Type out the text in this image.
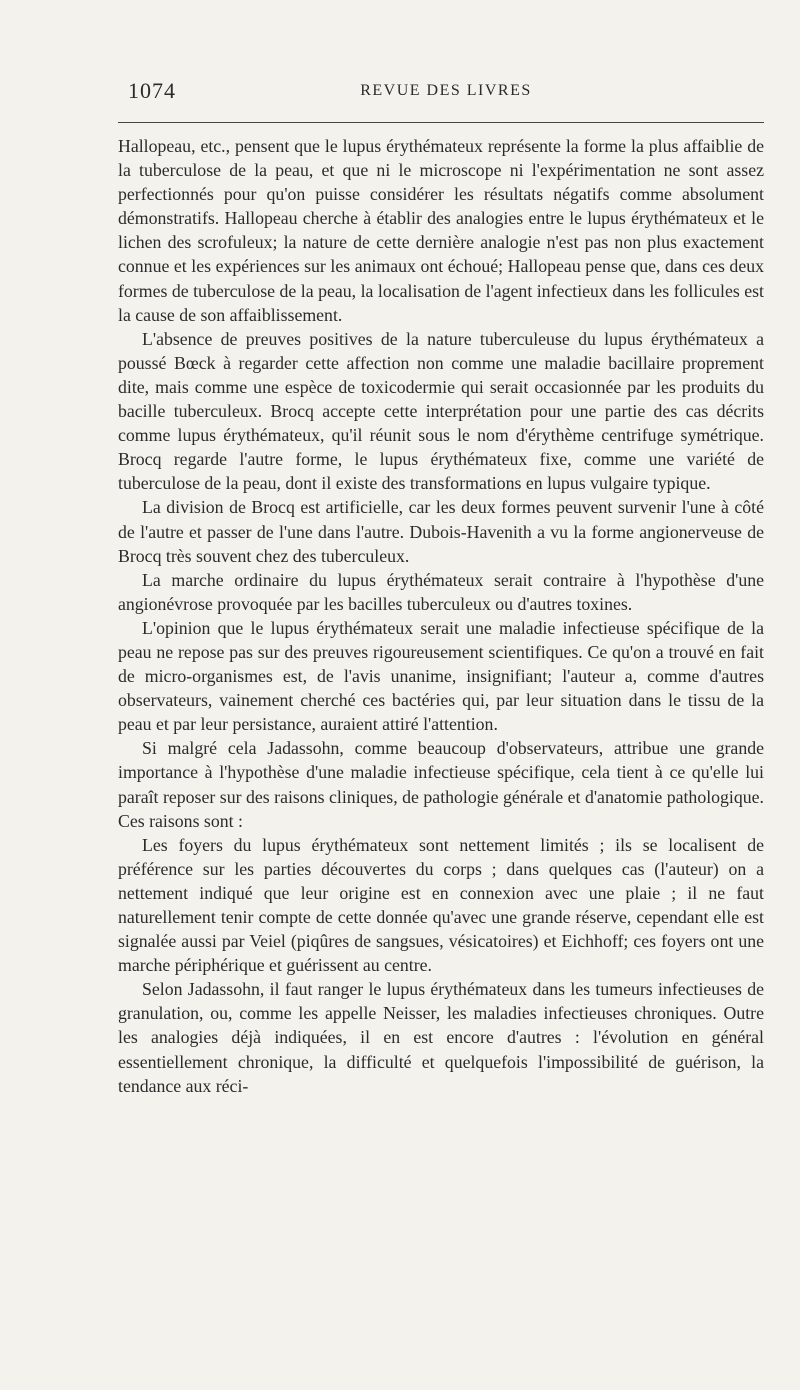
1074	REVUE DES LIVRES

Hallopeau, etc., pensent que le lupus érythémateux représente la forme la plus affaiblie de la tuberculose de la peau, et que ni le microscope ni l'expérimentation ne sont assez perfectionnés pour qu'on puisse considérer les résultats négatifs comme absolument démonstratifs. Hallopeau cherche à établir des analogies entre le lupus érythémateux et le lichen des scrofuleux; la nature de cette dernière analogie n'est pas non plus exactement connue et les expériences sur les animaux ont échoué; Hallopeau pense que, dans ces deux formes de tuberculose de la peau, la localisation de l'agent infectieux dans les follicules est la cause de son affaiblissement.

L'absence de preuves positives de la nature tuberculeuse du lupus érythémateux a poussé Bœck à regarder cette affection non comme une maladie bacillaire proprement dite, mais comme une espèce de toxicodermie qui serait occasionnée par les produits du bacille tuberculeux. Brocq accepte cette interprétation pour une partie des cas décrits comme lupus érythémateux, qu'il réunit sous le nom d'érythème centrifuge symétrique. Brocq regarde l'autre forme, le lupus érythémateux fixe, comme une variété de tuberculose de la peau, dont il existe des transformations en lupus vulgaire typique.

La division de Brocq est artificielle, car les deux formes peuvent survenir l'une à côté de l'autre et passer de l'une dans l'autre. Dubois-Havenith a vu la forme angionerveuse de Brocq très souvent chez des tuberculeux.

La marche ordinaire du lupus érythémateux serait contraire à l'hypothèse d'une angionévrose provoquée par les bacilles tuberculeux ou d'autres toxines.

L'opinion que le lupus érythémateux serait une maladie infectieuse spécifique de la peau ne repose pas sur des preuves rigoureusement scientifiques. Ce qu'on a trouvé en fait de micro-organismes est, de l'avis unanime, insignifiant; l'auteur a, comme d'autres observateurs, vainement cherché ces bactéries qui, par leur situation dans le tissu de la peau et par leur persistance, auraient attiré l'attention.

Si malgré cela Jadassohn, comme beaucoup d'observateurs, attribue une grande importance à l'hypothèse d'une maladie infectieuse spécifique, cela tient à ce qu'elle lui paraît reposer sur des raisons cliniques, de pathologie générale et d'anatomie pathologique. Ces raisons sont :

Les foyers du lupus érythémateux sont nettement limités ; ils se localisent de préférence sur les parties découvertes du corps ; dans quelques cas (l'auteur) on a nettement indiqué que leur origine est en connexion avec une plaie ; il ne faut naturellement tenir compte de cette donnée qu'avec une grande réserve, cependant elle est signalée aussi par Veiel (piqûres de sangsues, vésicatoires) et Eichhoff; ces foyers ont une marche périphérique et guérissent au centre.

Selon Jadassohn, il faut ranger le lupus érythémateux dans les tumeurs infectieuses de granulation, ou, comme les appelle Neisser, les maladies infectieuses chroniques. Outre les analogies déjà indiquées, il en est encore d'autres : l'évolution en général essentiellement chronique, la difficulté et quelquefois l'impossibilité de guérison, la tendance aux réci-
